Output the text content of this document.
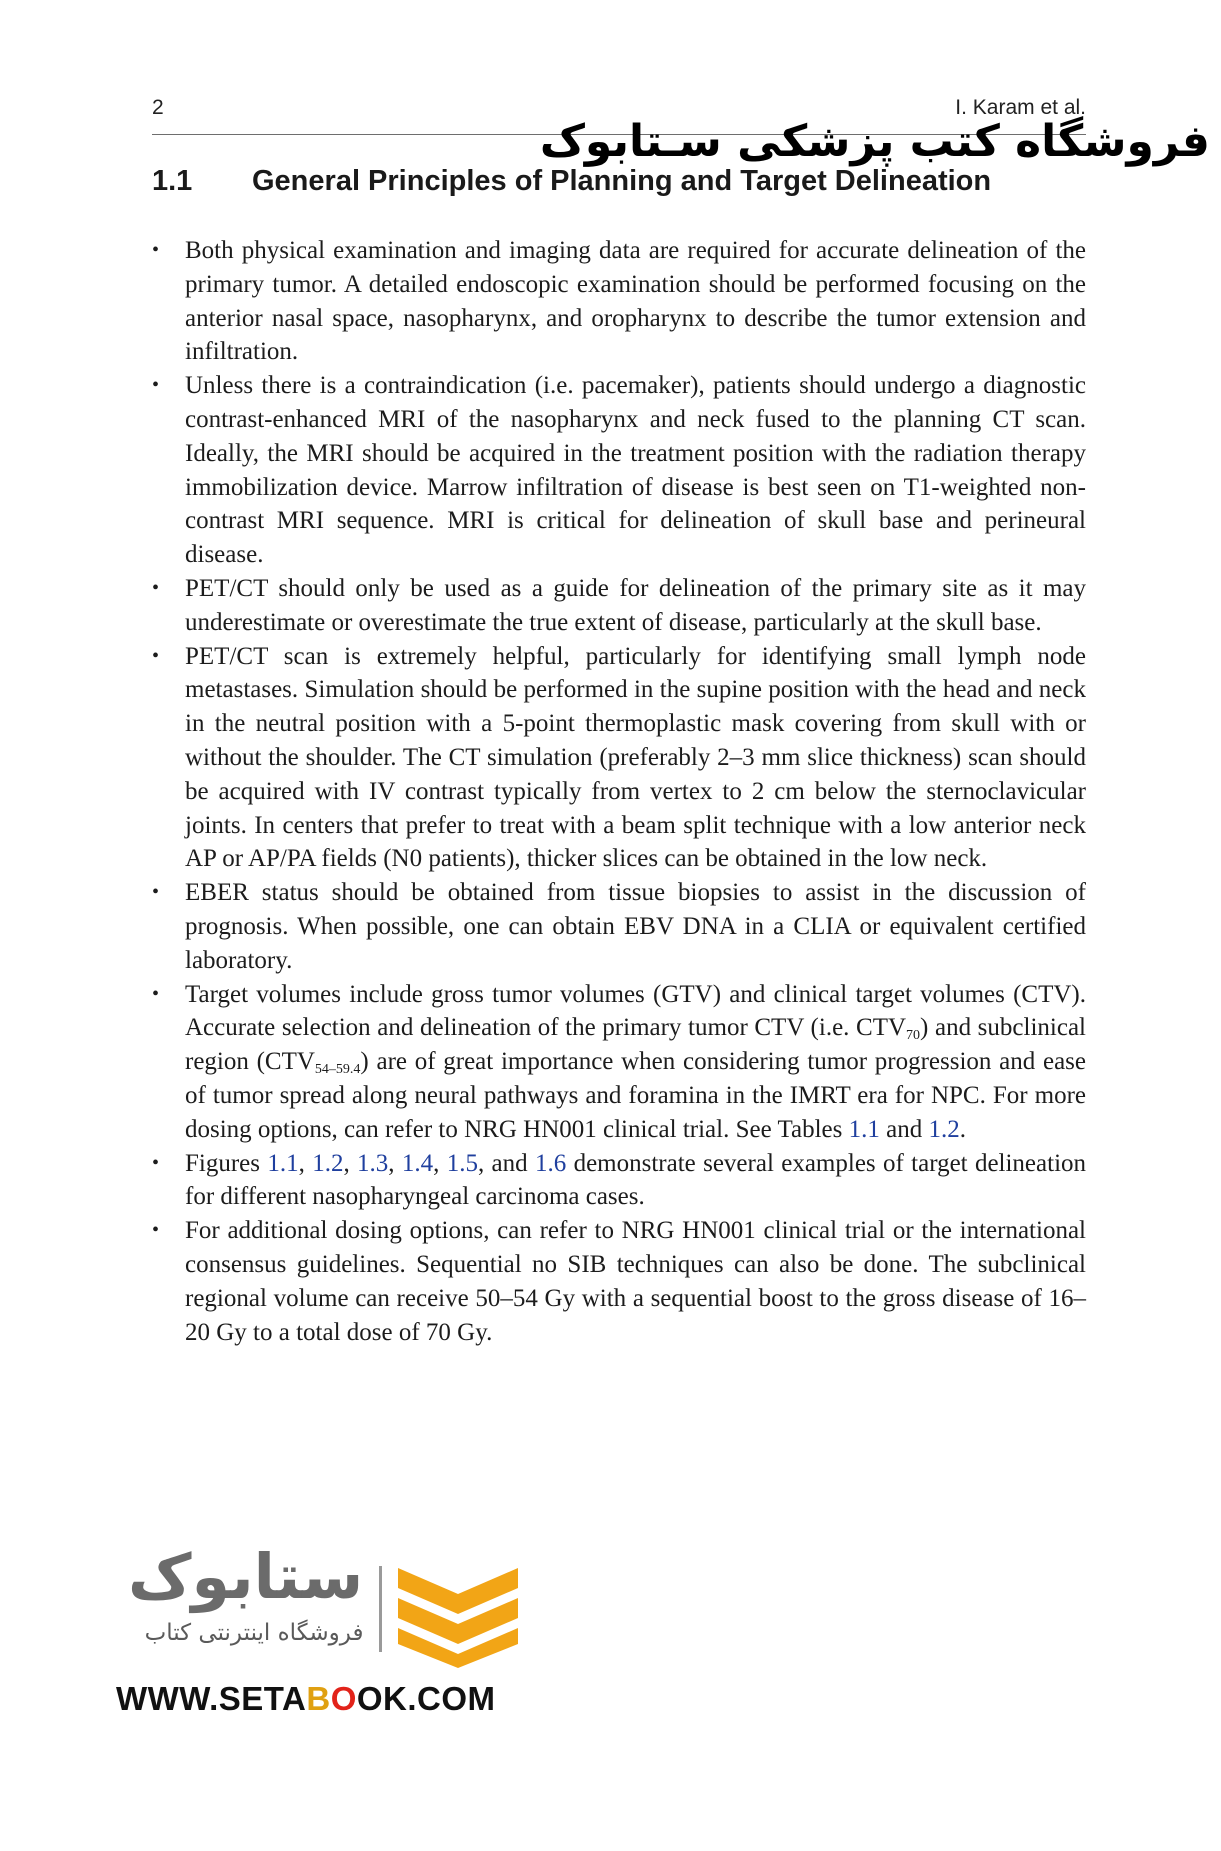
2	I. Karam et al.
فروشگاه کتب پزشکی سـتابوک
1.1 General Principles of Planning and Target Delineation
• Both physical examination and imaging data are required for accurate delineation of the primary tumor. A detailed endoscopic examination should be performed focusing on the anterior nasal space, nasopharynx, and oropharynx to describe the tumor extension and infiltration.
• Unless there is a contraindication (i.e. pacemaker), patients should undergo a diagnostic contrast-enhanced MRI of the nasopharynx and neck fused to the planning CT scan. Ideally, the MRI should be acquired in the treatment position with the radiation therapy immobilization device. Marrow infiltration of disease is best seen on T1-weighted non-contrast MRI sequence. MRI is critical for delineation of skull base and perineural disease.
• PET/CT should only be used as a guide for delineation of the primary site as it may underestimate or overestimate the true extent of disease, particularly at the skull base.
• PET/CT scan is extremely helpful, particularly for identifying small lymph node metastases. Simulation should be performed in the supine position with the head and neck in the neutral position with a 5-point thermoplastic mask covering from skull with or without the shoulder. The CT simulation (preferably 2–3 mm slice thickness) scan should be acquired with IV contrast typically from vertex to 2 cm below the sternoclavicular joints. In centers that prefer to treat with a beam split technique with a low anterior neck AP or AP/PA fields (N0 patients), thicker slices can be obtained in the low neck.
• EBER status should be obtained from tissue biopsies to assist in the discussion of prognosis. When possible, one can obtain EBV DNA in a CLIA or equivalent certified laboratory.
• Target volumes include gross tumor volumes (GTV) and clinical target volumes (CTV). Accurate selection and delineation of the primary tumor CTV (i.e. $CTV_{70}$) and subclinical region $(CTV_{54-59.4})$ are of great importance when considering tumor progression and ease of tumor spread along neural pathways and foramina in the IMRT era for NPC. For more dosing options, can refer to NRG HN001 clinical trial. See Tables 1.1 and 1.2.
• Figures 1.1, 1.2, 1.3, 1.4, 1.5, and 1.6 demonstrate several examples of target delineation for different nasopharyngeal carcinoma cases.
• For additional dosing options, can refer to NRG HN001 clinical trial or the international consensus guidelines. Sequential no SIB techniques can also be done. The subclinical regional volume can receive 50–54 Gy with a sequential boost to the gross disease of 16–20 Gy to a total dose of 70 Gy.
ستابوک
فروشگاه اینترنتی کتاب
WWW.SETABOOK.COM
